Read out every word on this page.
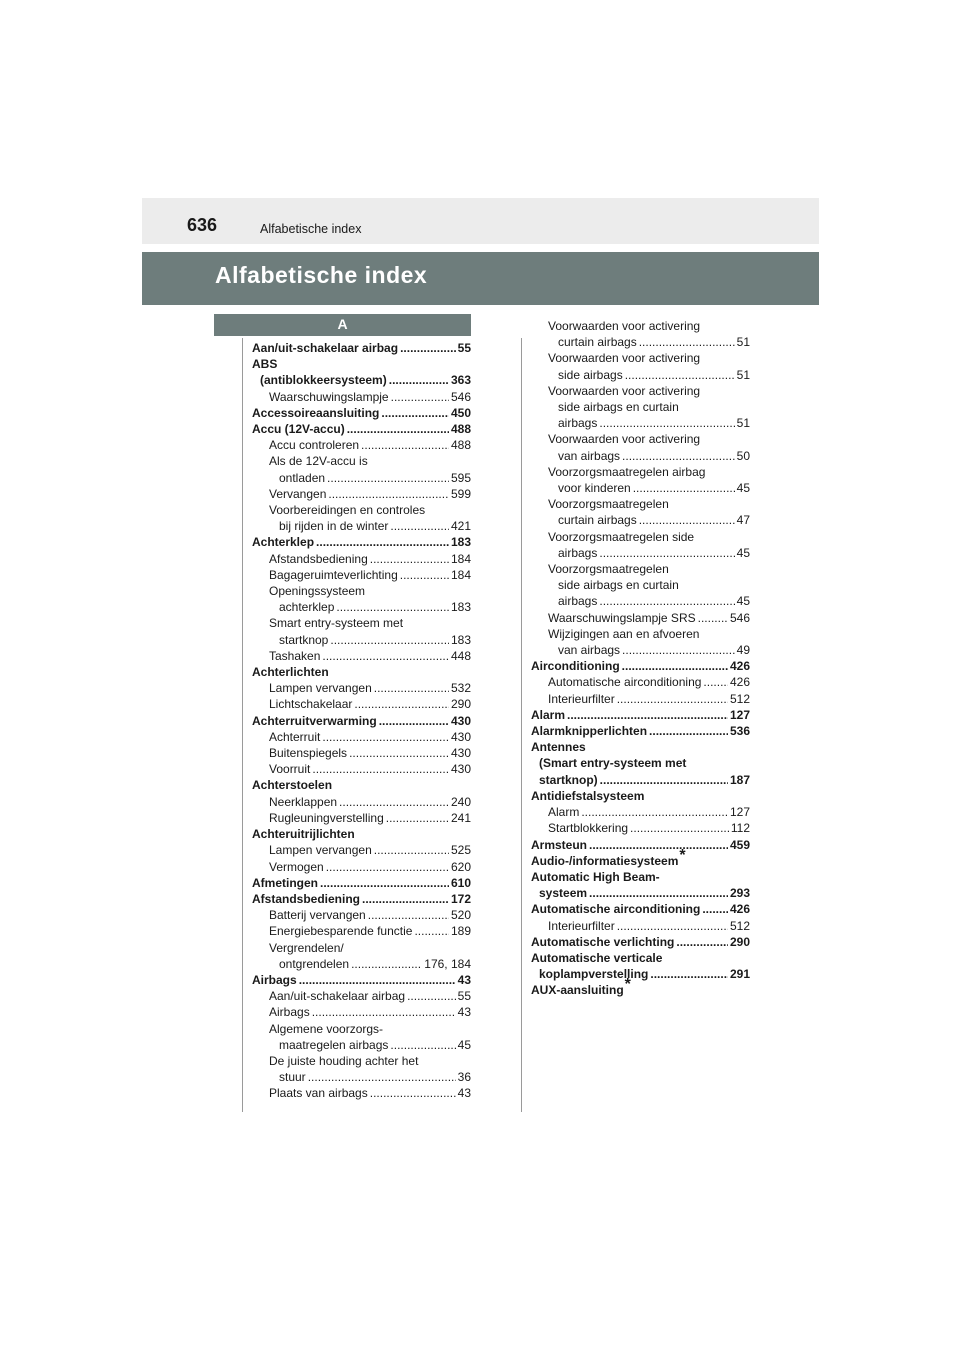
636	Alfabetische index
Alfabetische index
A
Aan/uit-schakelaar airbag .....	55
ABS
(antiblokkeersysteem) .....	363
Waarschuwingslampje .....	546
Accessoireaansluiting .....	450
Accu (12V-accu) .....	488
Accu controleren .....	488
Als de 12V-accu is
ontladen .....	595
Vervangen .....	599
Voorbereidingen en controles
bij rijden in de winter .....	421
Achterklep .....	183
Afstandsbediening .....	184
Bagageruimteverlichting .....	184
Openingssysteem
achterklep .....	183
Smart entry-systeem met
startknop .....	183
Tashaken .....	448
Achterlichten
Lampen vervangen .....	532
Lichtschakelaar .....	290
Achterruitverwarming .....	430
Achterruit .....	430
Buitenspiegels .....	430
Voorruit .....	430
Achterstoelen
Neerklappen .....	240
Rugleuningverstelling .....	241
Achteruitrijlichten
Lampen vervangen .....	525
Vermogen .....	620
Afmetingen .....	610
Afstandsbediening .....	172
Batterij vervangen .....	520
Energiebesparende functie .....	189
Vergrendelen/
ontgrendelen .....	176, 184
Airbags .....	43
Aan/uit-schakelaar airbag .....	55
Airbags .....	43
Algemene voorzorgs-
maatregelen airbags .....	45
De juiste houding achter het
stuur .....	36
Plaats van airbags .....	43
Voorwaarden voor activering
curtain airbags .....	51
Voorwaarden voor activering
side airbags .....	51
Voorwaarden voor activering
side airbags en curtain
airbags .....	51
Voorwaarden voor activering
van airbags .....	50
Voorzorgsmaatregelen airbag
voor kinderen .....	45
Voorzorgsmaatregelen
curtain airbags .....	47
Voorzorgsmaatregelen side
airbags .....	45
Voorzorgsmaatregelen
side airbags en curtain
airbags .....	45
Waarschuwingslampje SRS .....	546
Wijzigingen aan en afvoeren
van airbags .....	49
Airconditioning .....	426
Automatische airconditioning ..... 426
Interieurfilter .....	512
Alarm .....	127
Alarmknipperlichten .....	536
Antennes
(Smart entry-systeem met
startknop) .....	187
Antidiefstalsysteem
Alarm .....	127
Startblokkering .....	112
Armsteun .....	459
Audio-/informatiesysteem*
Automatic High Beam-
systeem .....	293
Automatische airconditioning ..... 426
Interieurfilter .....	512
Automatische verlichting .....	290
Automatische verticale
koplampverstelling .....	291
AUX-aansluiting*
